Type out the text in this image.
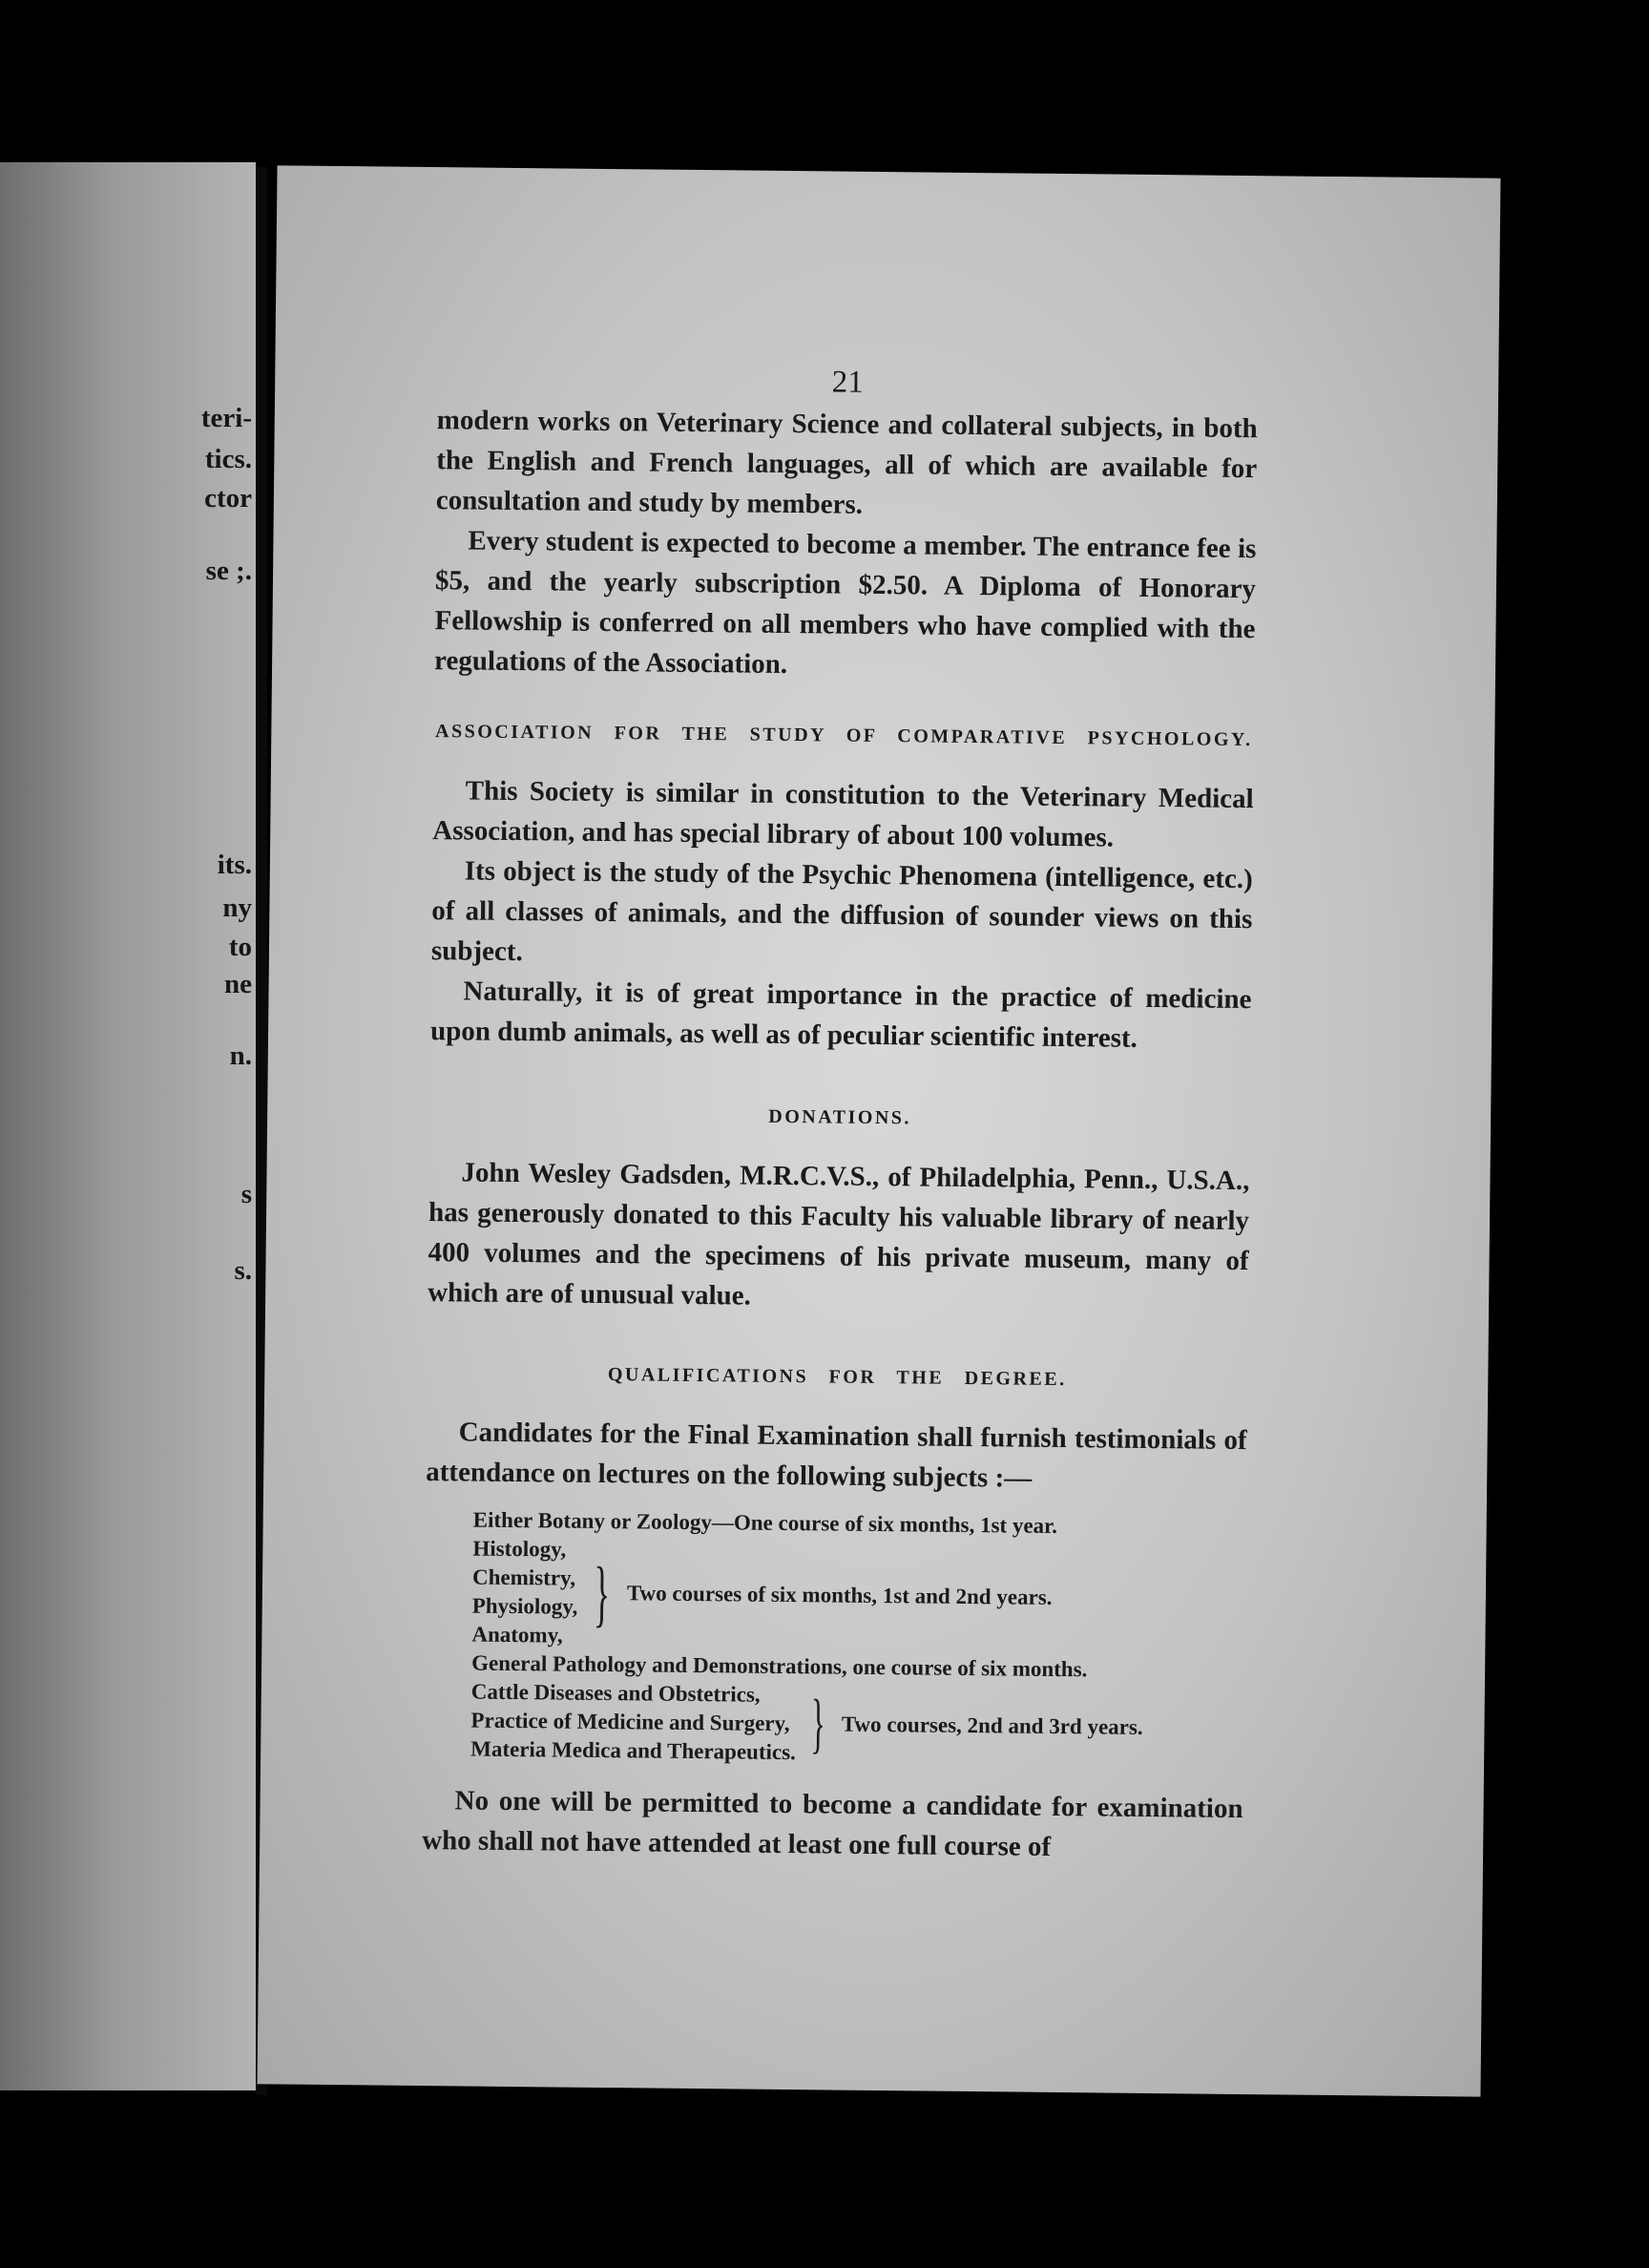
teri-
tics.
ctor
se ;.
its.
ny
to
ne
n.
s
s.
21

modern works on Veterinary Science and collateral subjects, in both the English and French languages, all of which are available for consultation and study by members.

Every student is expected to become a member. The entrance fee is $5, and the yearly subscription $2.50. A Diploma of Honorary Fellowship is conferred on all members who have complied with the regulations of the Association.

ASSOCIATION FOR THE STUDY OF COMPARATIVE PSYCHOLOGY.

This Society is similar in constitution to the Veterinary Medical Association, and has special library of about 100 volumes.

Its object is the study of the Psychic Phenomena (intelligence, etc.) of all classes of animals, and the diffusion of sounder views on this subject.

Naturally, it is of great importance in the practice of medicine upon dumb animals, as well as of peculiar scientific interest.

DONATIONS.

John Wesley Gadsden, M.R.C.V.S., of Philadelphia, Penn., U.S.A., has generously donated to this Faculty his valuable library of nearly 400 volumes and the specimens of his private museum, many of which are of unusual value.

QUALIFICATIONS FOR THE DEGREE.

Candidates for the Final Examination shall furnish testimonials of attendance on lectures on the following subjects :—

Either Botany or Zoology—One course of six months, 1st year.
Histology,
Chemistry,
Physiology,
Anatomy,
} Two courses of six months, 1st and 2nd years.
General Pathology and Demonstrations, one course of six months.
Cattle Diseases and Obstetrics,
Practice of Medicine and Surgery,
Materia Medica and Therapeutics. } Two courses, 2nd and 3rd years.

No one will be permitted to become a candidate for examination who shall not have attended at least one full course of
